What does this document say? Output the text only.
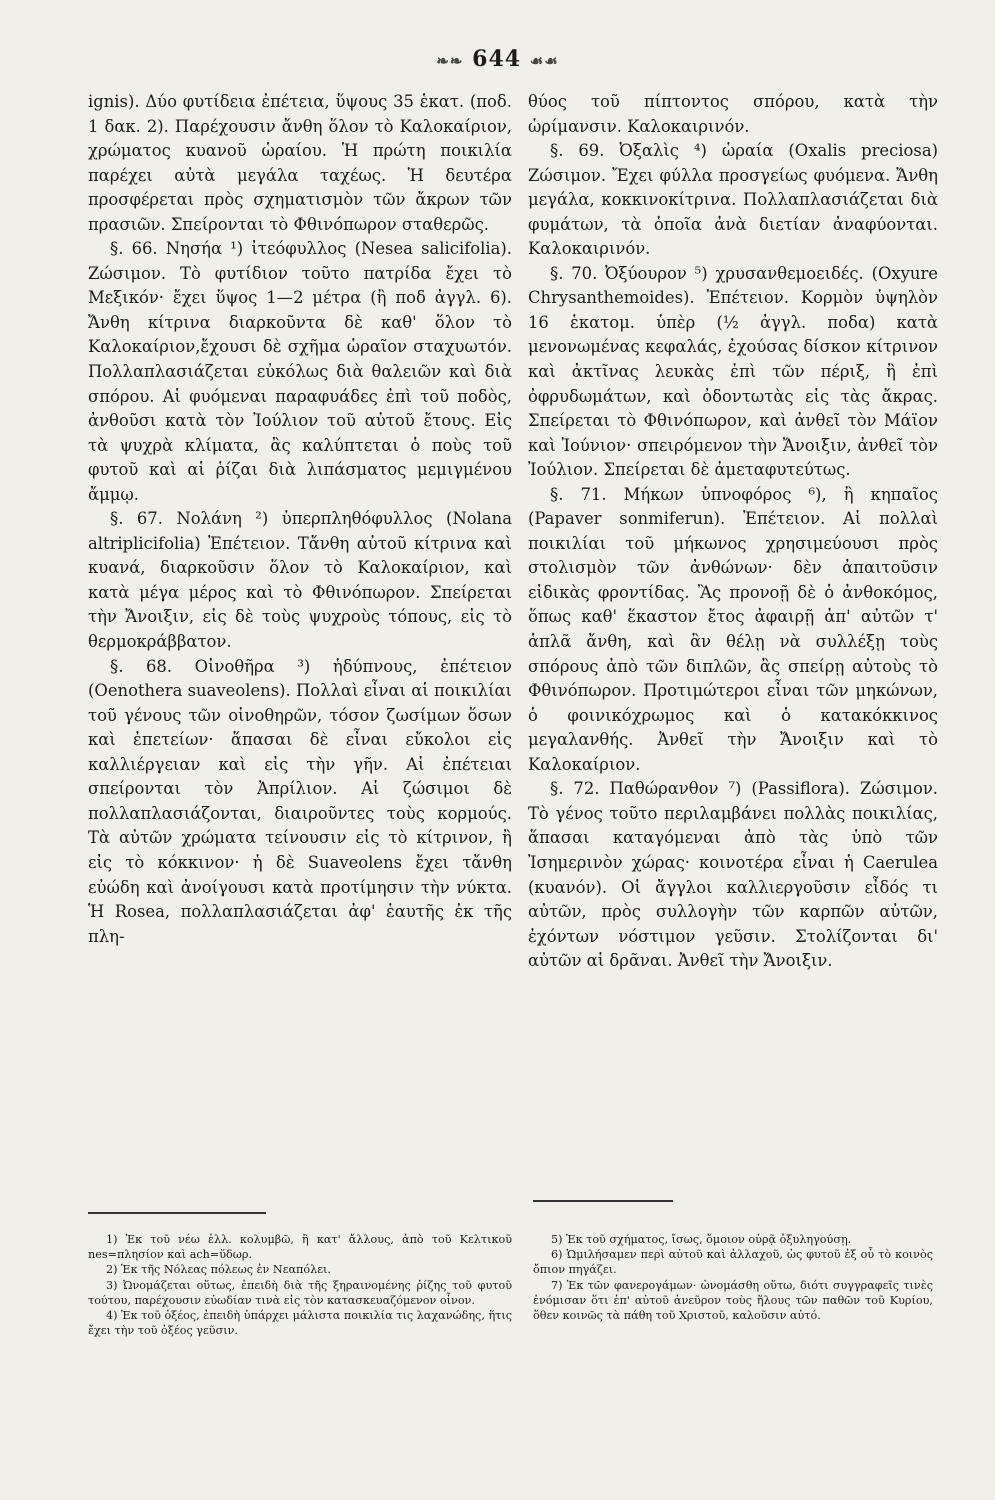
❧❧ 644 ☙☙

ignis). Δύο φυτίδεια ἐπέτεια, ὕψους 35 ἑκατ. (ποδ. 1 δακ. 2). Παρέχουσιν ἄνθη ὅλον τὸ Καλοκαίριον, χρώματος κυανοῦ ὡραίου. Ἡ πρώτη ποικιλία παρέχει αὐτὰ μεγάλα ταχέως. Ἡ δευτέρα προσφέρεται πρὸς σχηματισμὸν τῶν ἄκρων τῶν πρασιῶν. Σπείρονται τὸ Φθινόπωρον σταθερῶς.

§. 66. Νησήα ¹) ἰτεόφυλλος (Nesea salicifolia). Ζώσιμον. Τὸ φυτίδιον τοῦτο πατρίδα ἔχει τὸ Μεξικόν· ἔχει ὕψος 1—2 μέτρα (ἢ ποδ ἀγγλ. 6). Ἄνθη κίτρινα διαρκοῦντα δὲ καθ' ὅλον τὸ Καλοκαίριον,ἔχουσι δὲ σχῆμα ὡραῖον σταχυωτόν. Πολλαπλασιάζεται εὐκόλως διὰ θαλειῶν καὶ διὰ σπόρου. Αἱ φυόμεναι παραφυάδες ἐπὶ τοῦ ποδὸς, ἀνθοῦσι κατὰ τὸν Ἰούλιον τοῦ αὐτοῦ ἔτους. Εἰς τὰ ψυχρὰ κλίματα, ἂς καλύπτεται ὁ ποὺς τοῦ φυτοῦ καὶ αἱ ῥίζαι διὰ λιπάσματος μεμιγμένου ἄμμῳ.

§. 67. Νολάνη ²) ὑπερπληθόφυλλος (Nolana altriplicifolia) Ἐπέτειον. Τἄνθη αὐτοῦ κίτρινα καὶ κυανά, διαρκοῦσιν ὅλον τὸ Καλοκαίριον, καὶ κατὰ μέγα μέρος καὶ τὸ Φθινόπωρον. Σπείρεται τὴν Ἄνοιξιν, εἰς δὲ τοὺς ψυχροὺς τόπους, εἰς τὸ θερμοκράββατον.

§. 68. Οἰνοθῆρα ³) ἡδύπνους, ἐπέτειον (Oenothera suaveolens). Πολλαὶ εἶναι αἱ ποικιλίαι τοῦ γένους τῶν οἰνοθηρῶν, τόσον ζωσίμων ὅσων καὶ ἐπετείων· ἅπασαι δὲ εἶναι εὔκολοι εἰς καλλιέργειαν καὶ εἰς τὴν γῆν. Αἱ ἐπέτειαι σπείρονται τὸν Ἀπρίλιον. Αἱ ζώσιμοι δὲ πολλαπλασιάζονται, διαιροῦντες τοὺς κορμούς. Τὰ αὐτῶν χρώματα τείνουσιν εἰς τὸ κίτρινον, ἢ εἰς τὸ κόκκινον· ἡ δὲ Suaveolens ἔχει τἄνθη εὐώδη καὶ ἀνοίγουσι κατὰ προτίμησιν τὴν νύκτα. Ἡ Rosea, πολλαπλασιάζεται ἀφ' ἑαυτῆς ἐκ τῆς πλη-

θύος τοῦ πίπτοντος σπόρου, κατὰ τὴν ὡρίμανσιν. Καλοκαιρινόν.

§. 69. Ὀξαλὶς ⁴) ὡραία (Oxalis preciosa) Ζώσιμον. Ἔχει φύλλα προσγείως φυόμενα. Ἄνθη μεγάλα, κοκκινοκίτρινα. Πολλαπλασιάζεται διὰ φυμάτων, τὰ ὁποῖα ἀνὰ διετίαν ἀναφύονται. Καλοκαιρινόν.

§. 70. Ὀξύουρον ⁵) χρυσανθεμοειδές. (Oxyure Chrysanthemoides). Ἐπέτειον. Κορμὸν ὑψηλὸν 16 ἑκατομ. ὑπὲρ (½ ἀγγλ. ποδα) κατὰ μενονωμένας κεφαλάς, ἐχούσας δίσκον κίτρινον καὶ ἀκτῖνας λευκὰς ἐπὶ τῶν πέριξ, ἢ ἐπὶ ὀφρυδωμάτων, καὶ ὀδοντωτὰς εἰς τὰς ἄκρας. Σπείρεται τὸ Φθινόπωρον, καὶ ἀνθεῖ τὸν Μάϊον καὶ Ἰούνιον· σπειρόμενον τὴν Ἄνοιξιν, ἀνθεῖ τὸν Ἰούλιον. Σπείρεται δὲ ἀμεταφυτεύτως.

§. 71. Μήκων ὑπνοφόρος ⁶), ἢ κηπαῖος (Papaver sonmiferun). Ἐπέτειον. Αἱ πολλαὶ ποικιλίαι τοῦ μήκωνος χρησιμεύουσι πρὸς στολισμὸν τῶν ἀνθώνων· δὲν ἀπαιτοῦσιν εἰδικὰς φροντίδας. Ἂς προνοῇ δὲ ὁ ἀνθοκόμος, ὅπως καθ' ἕκαστον ἔτος ἀφαιρῇ ἀπ' αὐτῶν τ' ἁπλᾶ ἄνθη, καὶ ἂν θέλῃ νὰ συλλέξῃ τοὺς σπόρους ἀπὸ τῶν διπλῶν, ἂς σπείρῃ αὐτοὺς τὸ Φθινόπωρον. Προτιμώτεροι εἶναι τῶν μηκώνων, ὁ φοινικόχρωμος καὶ ὁ κατακόκκινος μεγαλανθής. Ἀνθεῖ τὴν Ἄνοιξιν καὶ τὸ Καλοκαίριον.

§. 72. Παθώρανθον ⁷) (Passiflora). Ζώσιμον. Τὸ γένος τοῦτο περιλαμβάνει πολλὰς ποικιλίας, ἅπασαι καταγόμεναι ἀπὸ τὰς ὑπὸ τῶν Ἰσημερινὸν χώρας· κοινοτέρα εἶναι ἡ Caerulea (κυανόν). Οἱ ἄγγλοι καλλιεργοῦσιν εἶδός τι αὐτῶν, πρὸς συλλογὴν τῶν καρπῶν αὐτῶν, ἐχόντων νόστιμον γεῦσιν. Στολίζονται δι' αὐτῶν αἱ δρᾶναι. Ἀνθεῖ τὴν Ἄνοιξιν.

1) Ἐκ τοῦ νέω ἑλλ. κολυμβῶ, ἢ κατ' ἄλλους, ἀπὸ τοῦ Κελτικοῦ nes=πλησίον καὶ ach=ὕδωρ.

2) Ἐκ τῆς Νόλεας πόλεως ἐν Νεαπόλει.

3) Ὠνομάζεται οὕτως, ἐπειδὴ διὰ τῆς ξηραινομένης ῥίζης τοῦ φυτοῦ τούτου, παρέχουσιν εὐωδίαν τινὰ εἰς τὸν κατασκευαζόμενον οἶνον.

4) Ἐκ τοῦ ὀξέος, ἐπειδὴ ὑπάρχει μάλιστα ποικιλία τις λαχανώδης, ἥτις ἔχει τὴν τοῦ ὀξέος γεῦσιν.

5) Ἐκ τοῦ σχήματος, ἴσως, ὅμοιον οὐρᾷ ὀξυληγούσῃ.

6) Ὡμιλήσαμεν περὶ αὐτοῦ καὶ ἀλλαχοῦ, ὡς φυτοῦ ἐξ οὗ τὸ κοινὸς ὄπιον πηγάζει.

7) Ἐκ τῶν φανερογάμων· ὠνομάσθη οὕτω, διότι συγγραφεῖς τινὲς ἐνόμισαν ὅτι ἐπ' αὐτοῦ ἀνεῦρον τοὺς ἥλους τῶν παθῶν τοῦ Κυρίου, ὅθεν κοινῶς τὰ πάθη τοῦ Χριστοῦ, καλοῦσιν αὐτό.
